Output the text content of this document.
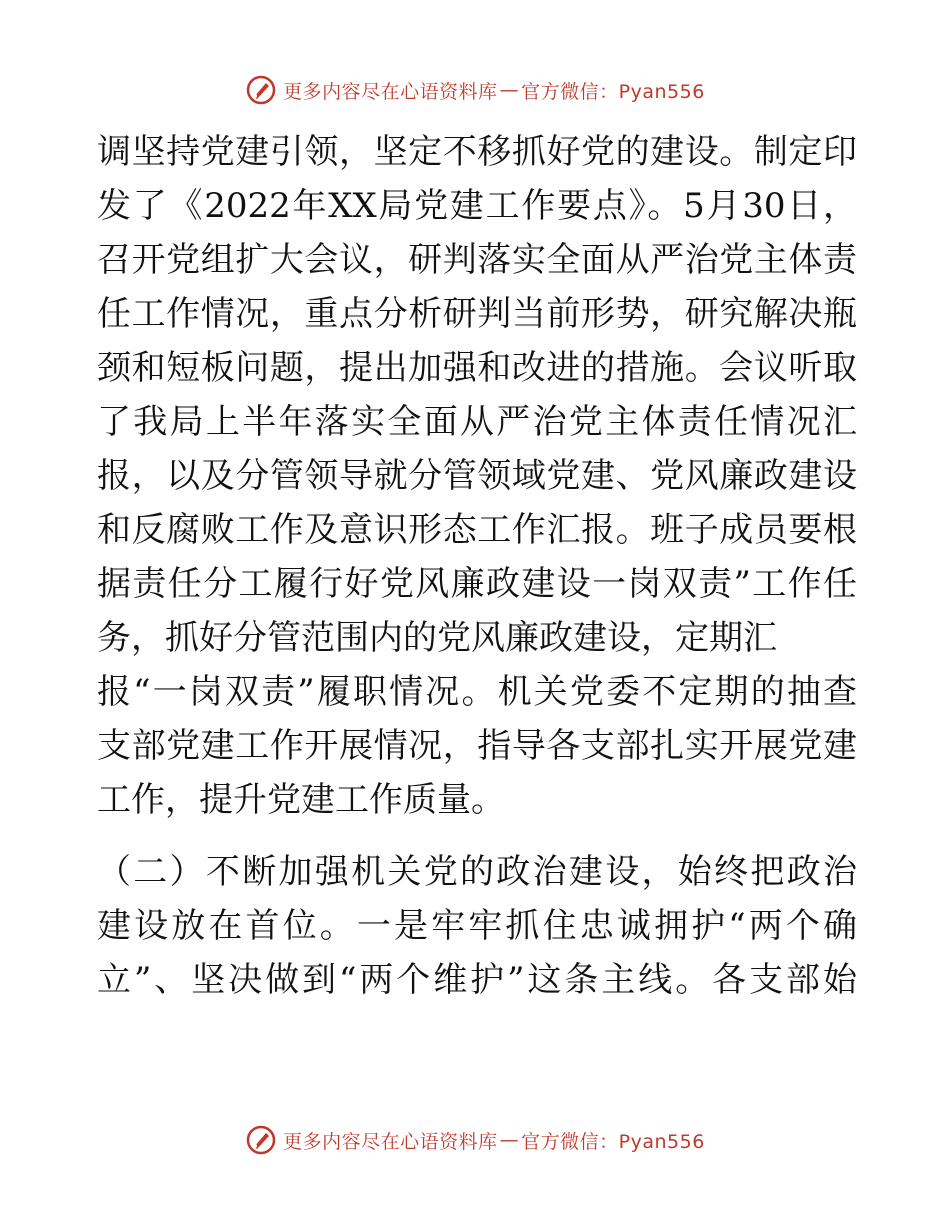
更多内容尽在心语资料库 — 官方微信：Pyan556
调坚持党建引领，坚定不移抓好党的建设。制定印
发了《2022年XX局党建工作要点》。5月30日，
召开党组扩大会议，研判落实全面从严治党主体责
任工作情况，重点分析研判当前形势，研究解决瓶
颈和短板问题，提出加强和改进的措施。会议听取
了我局上半年落实全面从严治党主体责任情况汇
报，以及分管领导就分管领域党建、党风廉政建设
和反腐败工作及意识形态工作汇报。班子成员要根
据责任分工履行好党风廉政建设一岗双责”工作任
务，抓好分管范围内的党风廉政建设，定期汇
报“一岗双责”履职情况。机关党委不定期的抽查
支部党建工作开展情况，指导各支部扎实开展党建
工作，提升党建工作质量。
（二）不断加强机关党的政治建设，始终把政治
建设放在首位。一是牢牢抓住忠诚拥护“两个确
立”、坚决做到“两个维护”这条主线。各支部始
更多内容尽在心语资料库 — 官方微信：Pyan556
